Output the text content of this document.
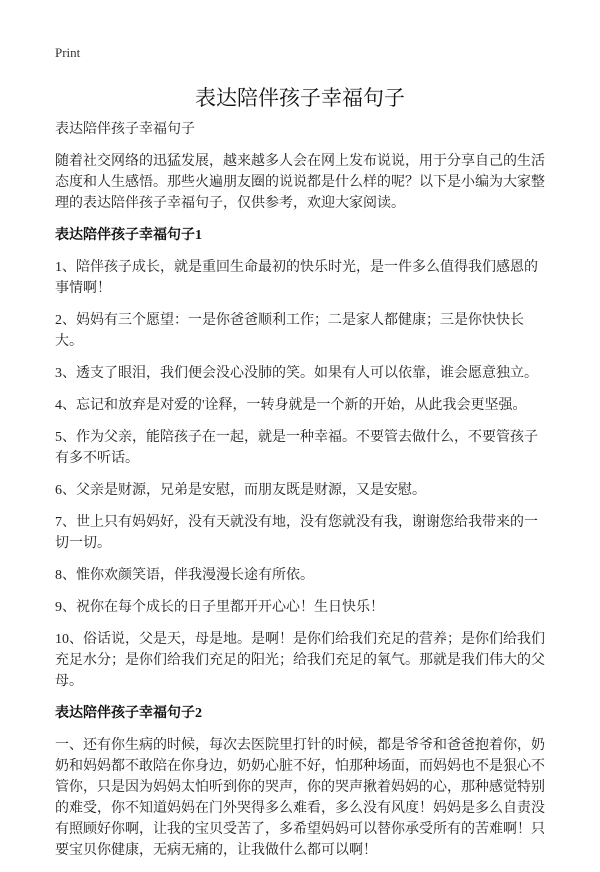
Print
表达陪伴孩子幸福句子

表达陪伴孩子幸福句子

随着社交网络的迅猛发展，越来越多人会在网上发布说说，用于分享自己的生活态度和人生感悟。那些火遍朋友圈的说说都是什么样的呢？以下是小编为大家整理的表达陪伴孩子幸福句子，仅供参考，欢迎大家阅读。

表达陪伴孩子幸福句子1

1、陪伴孩子成长，就是重回生命最初的快乐时光，是一件多么值得我们感恩的事情啊！

2、妈妈有三个愿望：一是你爸爸顺利工作；二是家人都健康；三是你快快长大。

3、透支了眼泪，我们便会没心没肺的笑。如果有人可以依靠，谁会愿意独立。

4、忘记和放弃是对爱的'诠释，一转身就是一个新的开始，从此我会更坚强。

5、作为父亲，能陪孩子在一起，就是一种幸福。不要管去做什么，不要管孩子有多不听话。

6、父亲是财源，兄弟是安慰，而朋友既是财源，又是安慰。

7、世上只有妈妈好，没有天就没有地，没有您就没有我，谢谢您给我带来的一切一切。

8、惟你欢颜笑语，伴我漫漫长途有所依。

9、祝你在每个成长的日子里都开开心心！生日快乐！

10、俗话说，父是天，母是地。是啊！是你们给我们充足的营养；是你们给我们充足水分；是你们给我们充足的阳光；给我们充足的氧气。那就是我们伟大的父母。

表达陪伴孩子幸福句子2

一、还有你生病的时候，每次去医院里打针的时候，都是爷爷和爸爸抱着你，奶奶和妈妈都不敢陪在你身边，奶奶心脏不好，怕那种场面，而妈妈也不是狠心不管你，只是因为妈妈太怕听到你的哭声，你的哭声揪着妈妈的心，那种感觉特别的难受，你不知道妈妈在门外哭得多么难看，多么没有风度！妈妈是多么自责没有照顾好你啊，让我的宝贝受苦了，多希望妈妈可以替你承受所有的苦难啊！只要宝贝你健康，无病无痛的，让我做什么都可以啊！
